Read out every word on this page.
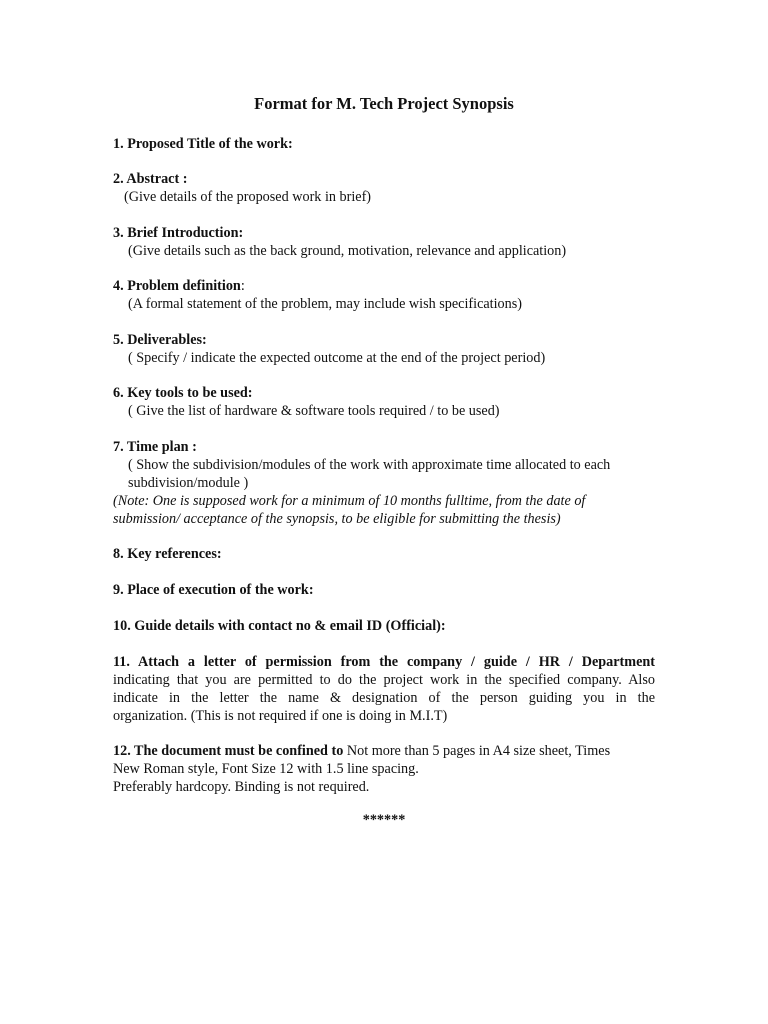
Format for M. Tech Project Synopsis
1. Proposed Title of the work:
2. Abstract :
(Give details of the proposed work in brief)
3. Brief Introduction:
(Give details such as the back ground, motivation, relevance and application)
4. Problem definition:
(A formal statement of the problem, may include wish specifications)
5. Deliverables:
( Specify / indicate the expected outcome at the end of the project period)
6. Key tools to be used:
( Give the list of hardware & software tools required / to be used)
7. Time plan :
( Show the subdivision/modules of the work with approximate time allocated to each
subdivision/module )
(Note: One is supposed work for a minimum of 10 months fulltime, from the date of
submission/ acceptance of the synopsis, to be eligible for submitting the thesis)
8. Key references:
9. Place of execution of the work:
10. Guide details with contact no & email ID (Official):
11. Attach a letter of permission from the company / guide / HR / Department
indicating that you are permitted to do the project work in the specified company. Also
indicate in the letter the name & designation of the person guiding you in the
organization. (This is not required if one is doing in M.I.T)
12. The document must be confined to Not more than 5 pages in A4 size sheet, Times
New Roman style, Font Size 12 with 1.5 line spacing.
Preferably hardcopy. Binding is not required.
******
